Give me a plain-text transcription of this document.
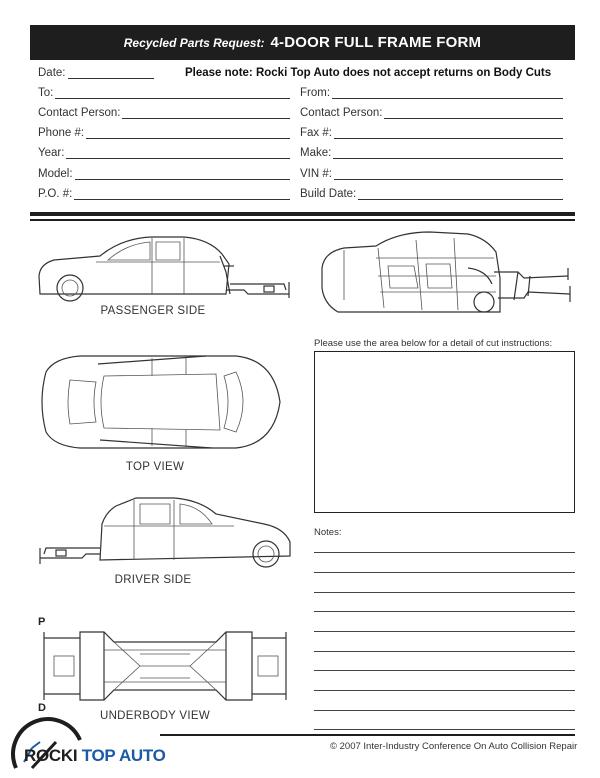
Recycled Parts Request: 4-DOOR FULL FRAME FORM
Please note: Rocki Top Auto does not accept returns on Body Cuts
Date:
To:
Contact Person:
Phone #:
Year:
Model:
P.O. #:
From:
Contact Person:
Fax #:
Make:
VIN #:
Build Date:
PASSENGER SIDE
TOP VIEW
DRIVER SIDE
P
D
UNDERBODY VIEW
Please use the area below for a detail of cut instructions:
Notes:
© 2007 Inter-Industry Conference On Auto Collision Repair
ROCKI TOP AUTO
